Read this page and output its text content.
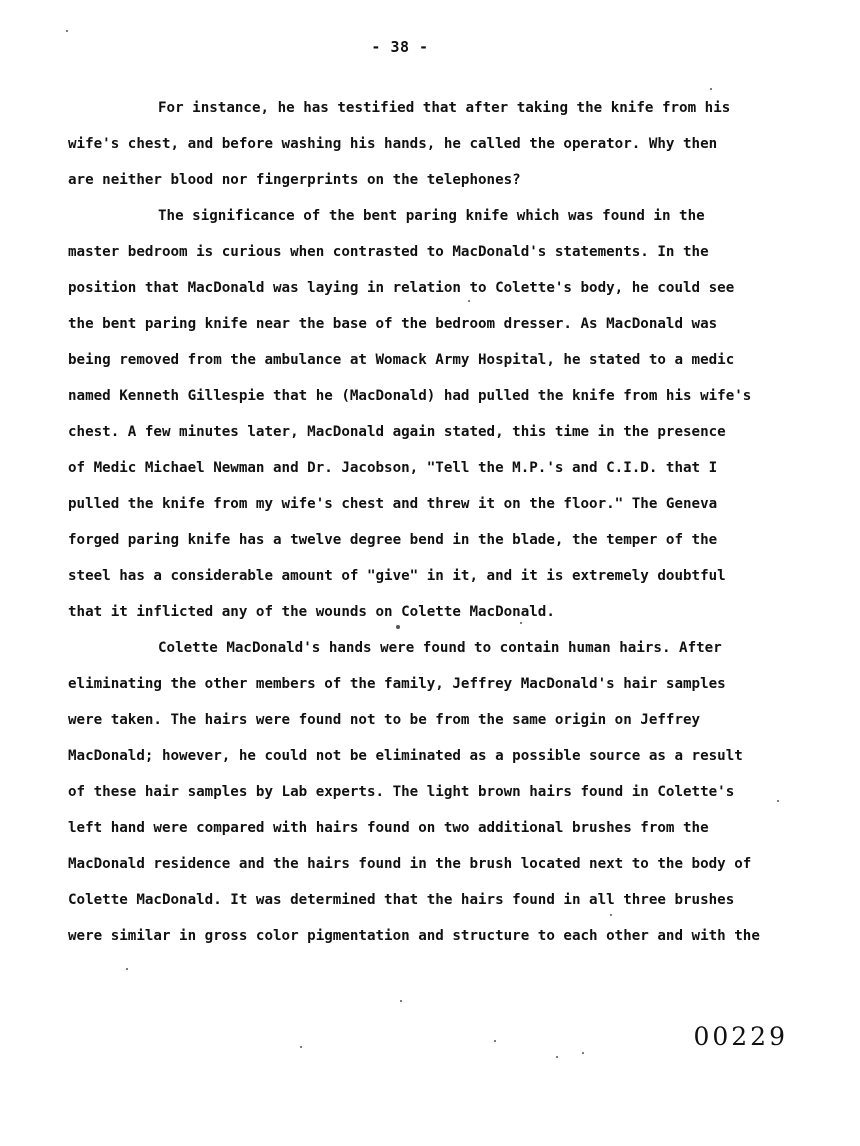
- 38 -
For instance, he has testified that after taking the knife from his
wife's chest, and before washing his hands, he called the operator. Why then
are neither blood nor fingerprints on the telephones?
The significance of the bent paring knife which was found in the
master bedroom is curious when contrasted to MacDonald's statements. In the
position that MacDonald was laying in relation to Colette's body, he could see
the bent paring knife near the base of the bedroom dresser. As MacDonald was
being removed from the ambulance at Womack Army Hospital, he stated to a medic
named Kenneth Gillespie that he (MacDonald) had pulled the knife from his wife's
chest. A few minutes later, MacDonald again stated, this time in the presence
of Medic Michael Newman and Dr. Jacobson, "Tell the M.P.'s and C.I.D. that I
pulled the knife from my wife's chest and threw it on the floor." The Geneva
forged paring knife has a twelve degree bend in the blade, the temper of the
steel has a considerable amount of "give" in it, and it is extremely doubtful
that it inflicted any of the wounds on Colette MacDonald.
Colette MacDonald's hands were found to contain human hairs. After
eliminating the other members of the family, Jeffrey MacDonald's hair samples
were taken. The hairs were found not to be from the same origin on Jeffrey
MacDonald; however, he could not be eliminated as a possible source as a result
of these hair samples by Lab experts. The light brown hairs found in Colette's
left hand were compared with hairs found on two additional brushes from the
MacDonald residence and the hairs found in the brush located next to the body of
Colette MacDonald. It was determined that the hairs found in all three brushes
were similar in gross color pigmentation and structure to each other and with the
00229
